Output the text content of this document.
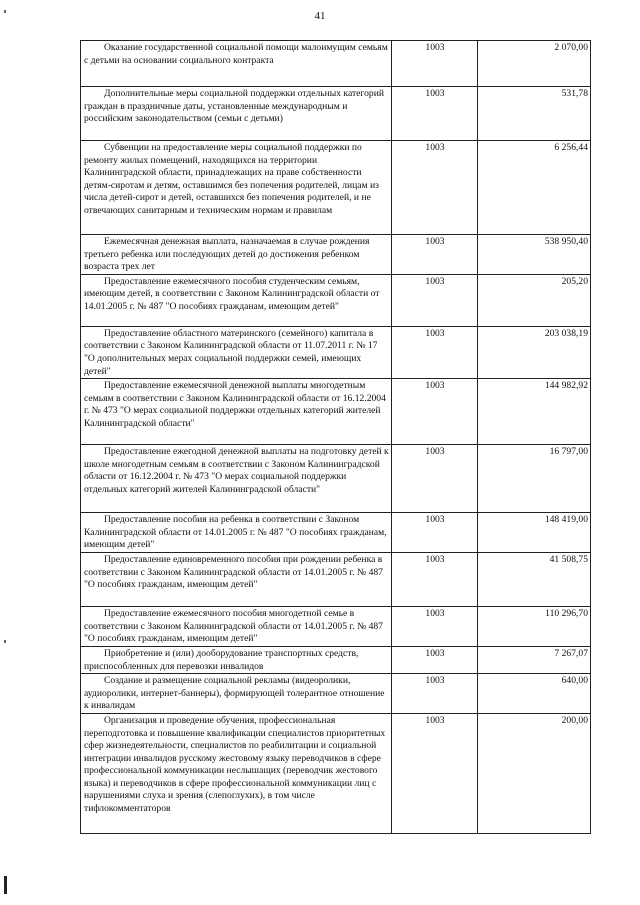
41
Оказание государственной социальной помощи малоимущим семьям с детьми на основании социального контракта	1003	2 070,00
Дополнительные меры социальной поддержки отдельных категорий граждан в праздничные даты, установленные международным и российским законодательством (семьи с детьми)	1003	531,78
Субвенции на предоставление меры социальной поддержки по ремонту жилых помещений, находящихся на территории Калининградской области, принадлежащих на праве собственности детям-сиротам и детям, оставшимся без попечения родителей, лицам из числа детей-сирот и детей, оставшихся без попечения родителей, и не отвечающих санитарным и техническим нормам и правилам	1003	6 256,44
Ежемесячная денежная выплата, назначаемая в случае рождения третьего ребенка или последующих детей до достижения ребенком возраста трех лет	1003	538 950,40
Предоставление ежемесячного пособия студенческим семьям, имеющим детей, в соответствии с Законом Калининградской области от 14.01.2005 г. № 487 "О пособиях гражданам, имеющим детей"	1003	205,20
Предоставление областного материнского (семейного) капитала в соответствии с Законом Калининградской области от 11.07.2011 г. № 17 "О дополнительных мерах социальной поддержки семей, имеющих детей"	1003	203 038,19
Предоставление ежемесячной денежной выплаты многодетным семьям в соответствии с Законом Калининградской области от 16.12.2004 г. № 473 "О мерах социальной поддержки отдельных категорий жителей Калининградской области"	1003	144 982,92
Предоставление ежегодной денежной выплаты на подготовку детей к школе многодетным семьям в соответствии с Законом Калининградской области от 16.12.2004 г. № 473 "О мерах социальной поддержки отдельных категорий жителей Калининградской области"	1003	16 797,00
Предоставление пособия на ребенка в соответствии с Законом Калининградской области от 14.01.2005 г. № 487 "О пособиях гражданам, имеющим детей"	1003	148 419,00
Предоставление единовременного пособия при рождении ребенка в соответствии с Законом Калининградской области от 14.01.2005 г. № 487 "О пособиях гражданам, имеющим детей"	1003	41 508,75
Предоставление ежемесячного пособия многодетной семье в соответствии с Законом Калининградской области от 14.01.2005 г. № 487 "О пособиях гражданам, имеющим детей"	1003	110 296,70
Приобретение и (или) дооборудование транспортных средств, приспособленных для перевозки инвалидов	1003	7 267,07
Создание и размещение социальной рекламы (видеоролики, аудиоролики, интернет-баннеры), формирующей толерантное отношение к инвалидам	1003	640,00
Организация и проведение обучения, профессиональная переподготовка и повышение квалификации специалистов приоритетных сфер жизнедеятельности, специалистов по реабилитации и социальной интеграции инвалидов русскому жестовому языку переводчиков в сфере профессиональной коммуникации неслышащих (переводчик жестового языка) и переводчиков в сфере профессиональной коммуникации лиц с нарушениями слуха и зрения (слепоглухих), в том числе тифлокомментаторов	1003	200,00
